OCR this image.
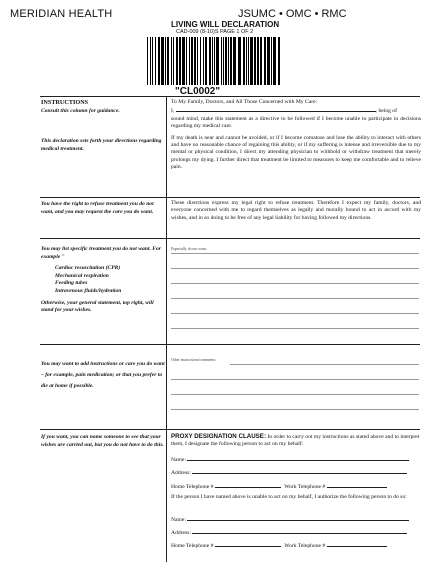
MERIDIAN HEALTH	JSUMC • OMC • RMC
LIVING WILL DECLARATION
CAD-009 (8-10)S PAGE 1 OF 2
"CL0002"
INSTRUCTIONS
Consult this column for guidance.

This declaration sets forth your directions regarding medical treatment.

You have the right to refuse treatment you do not want, and you may request the care you do want.

You may list specific treatment you do not want. For example "

Cardiac resuscitation (CPR)
Mechanical respiration
Feeding tubes
Intravenous fluids/hydration

Otherwise, your general statement, top right, will stand for your wishes.

You may want to add instructions or care you do want – for example, pain medication; or that you prefer to die at home if possible.

If you want, you can name someone to see that your wishes are carried out, but you do not have to do this.

To My Family, Doctors, and All Those Concerned with My Care:
I,	, being of

sound mind, make this statement as a directive to be followed if I become unable to participate in decisions regarding my medical care.

If my death is near and cannot be avoided, or if I become comatose and lose the ability to interact with others and have no reasonable chance of regaining this ability, or if my suffering is intense and irreversible due to my mental or physical condition, I direct my attending physician to withhold or withdraw treatment that merely prolongs my dying. I further direct that treatment be limited to measures to keep me comfortable and to relieve pain.

These directions express my legal right to refuse treatment. Therefore I expect my family, doctors, and everyone concerned with me to regard themselves as legally and morally bound to act in accord with my wishes, and in so doing to be free of any legal liability for having followed my directions.

Especially do not want:
Other instructions/comments:
PROXY DESIGNATION CLAUSE: In order to carry out my instructions as stated above and to interpret them, I designate the following person to act on my behalf:
Name:
Address:
Home Telephone #	Work Telephone #
If the person I have named above is unable to act on my behalf, I authorize the following person to do so:
Name:
Address:
Home Telephone #	Work Telephone #
